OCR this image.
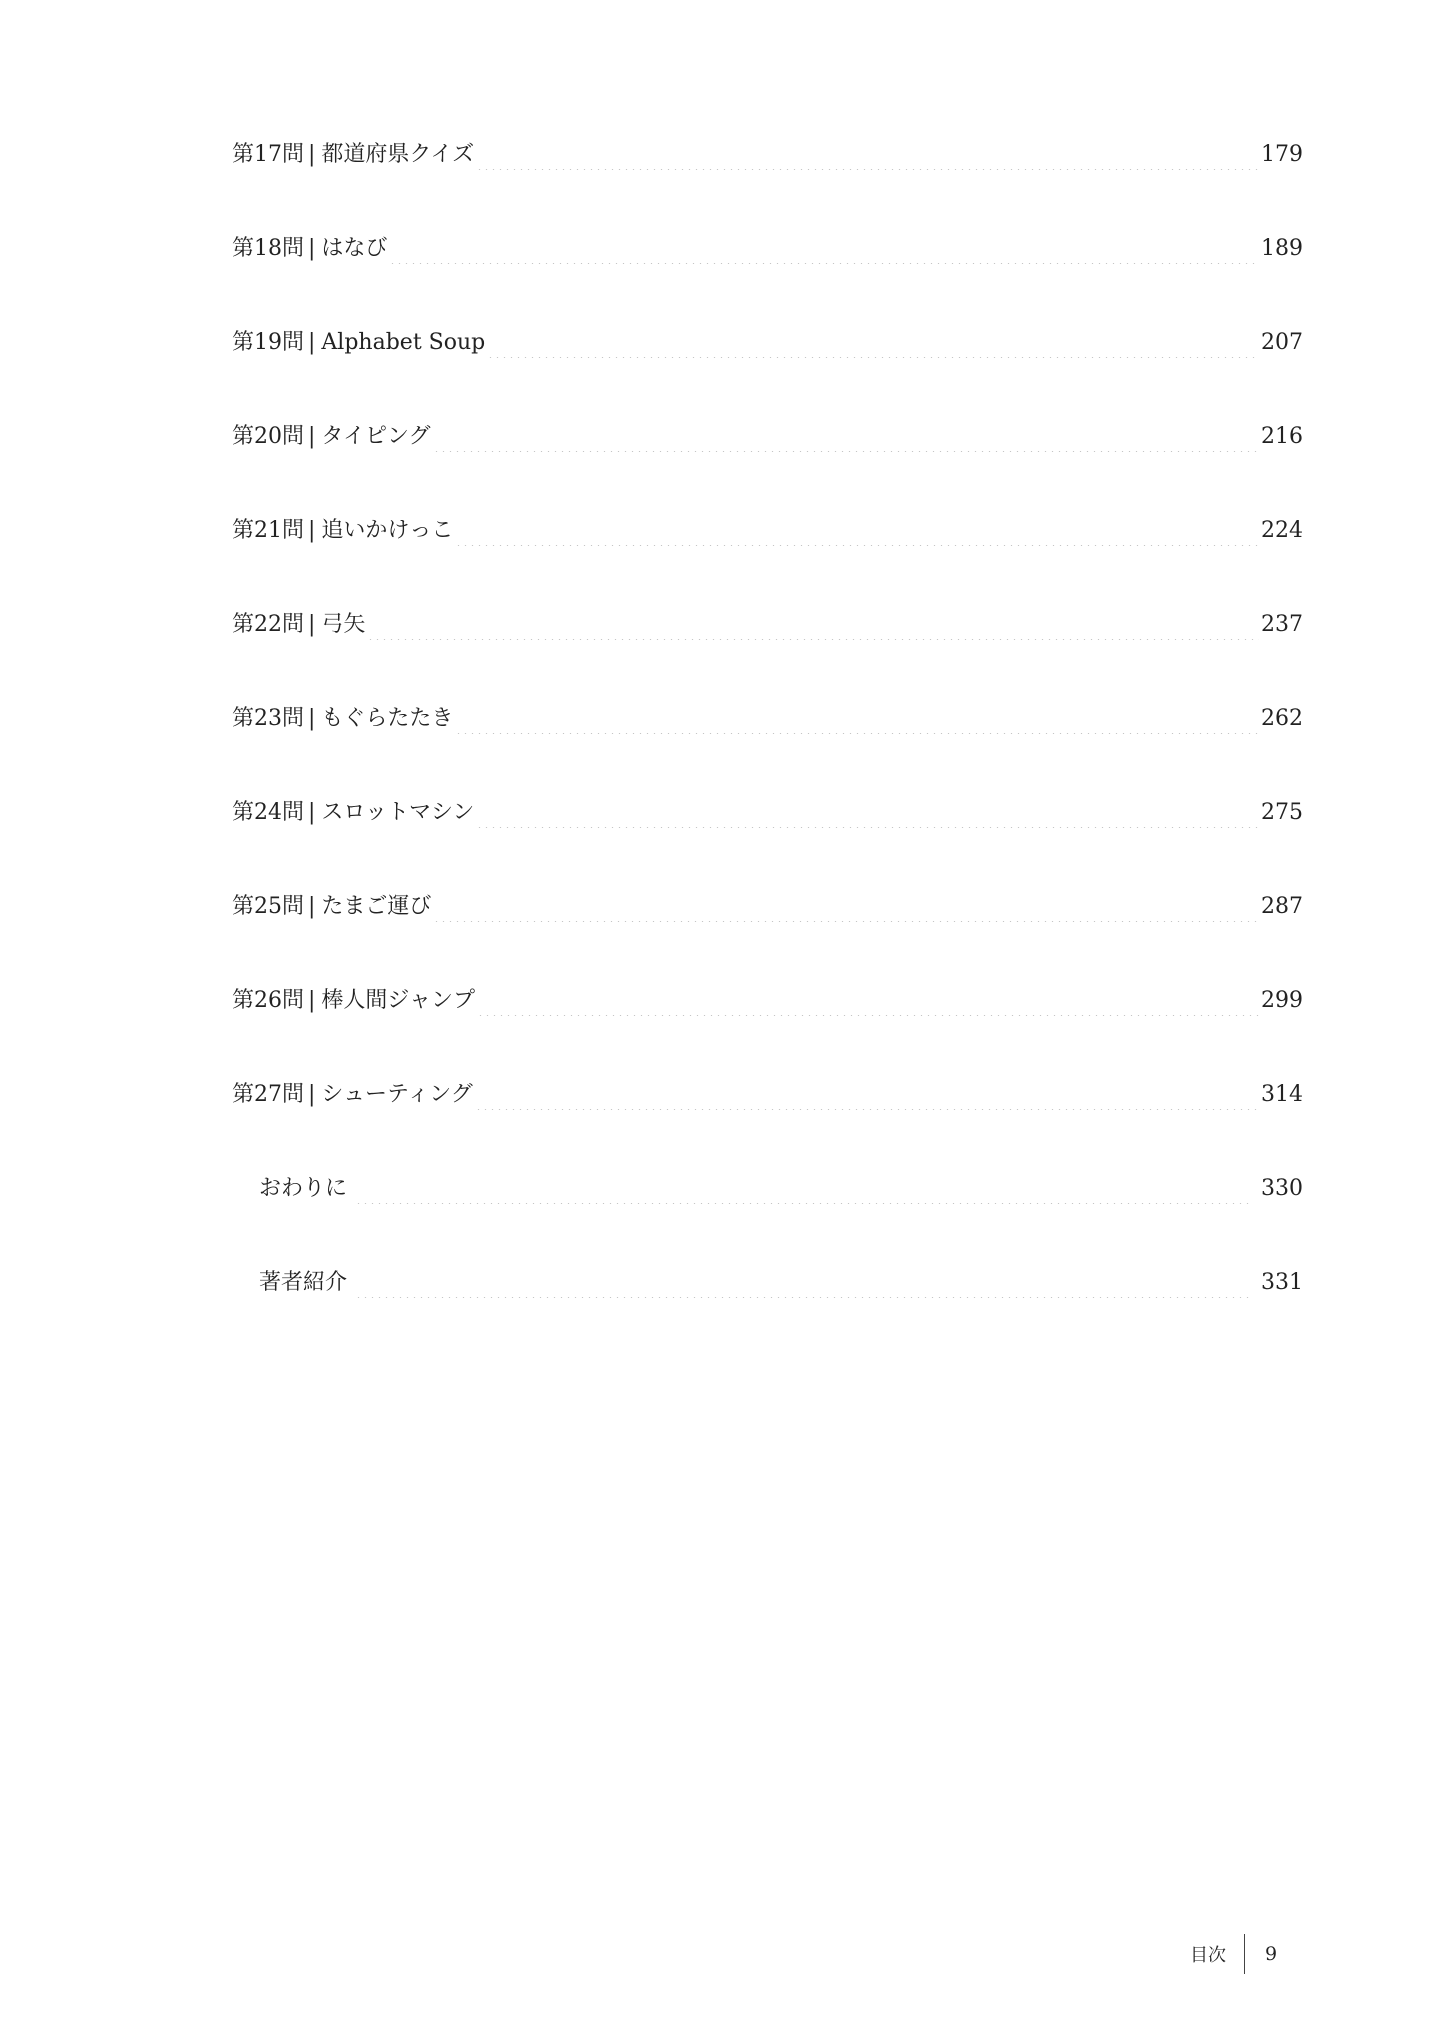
第17問 | 都道府県クイズ	179
第18問 | はなび	189
第19問 | Alphabet Soup	207
第20問 | タイピング	216
第21問 | 追いかけっこ	224
第22問 | 弓矢	237
第23問 | もぐらたたき	262
第24問 | スロットマシン	275
第25問 | たまご運び	287
第26問 | 棒人間ジャンプ	299
第27問 | シューティング	314
おわりに	330
著者紹介	331
目次 9
